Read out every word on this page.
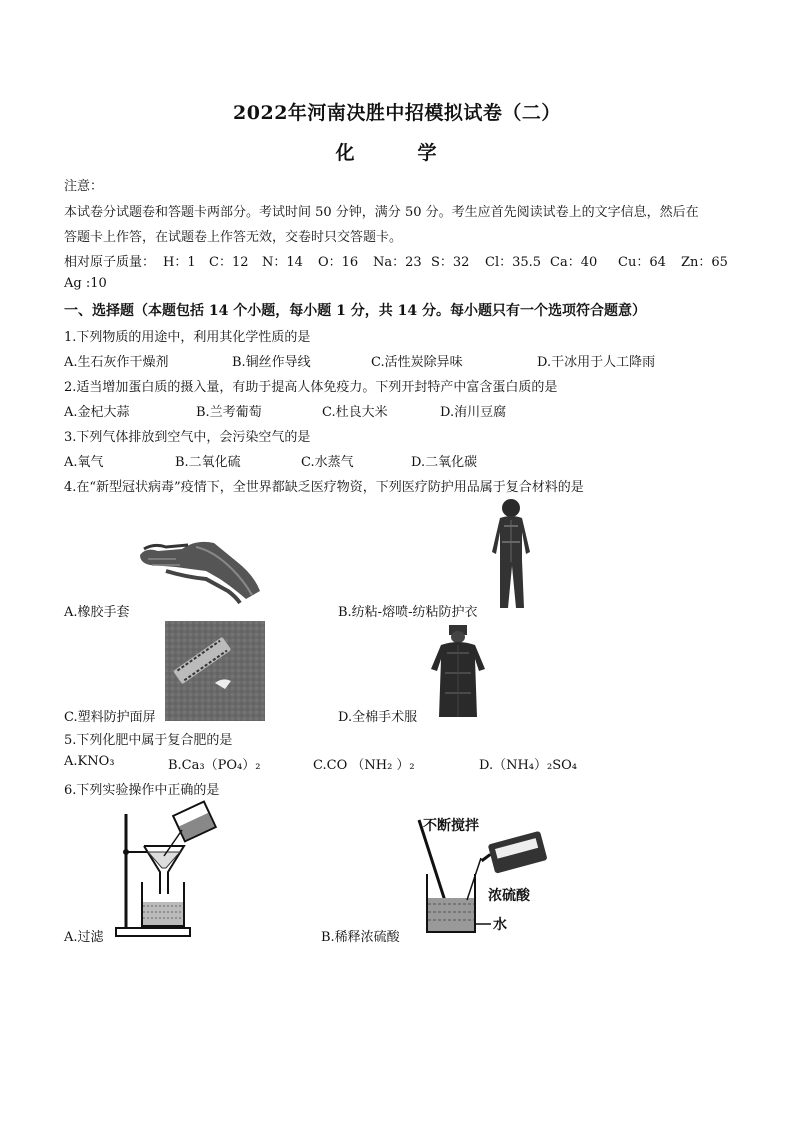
2022年河南决胜中招模拟试卷（二）
化　学
注意：
本试卷分试题卷和答题卡两部分。考试时间 50 分钟，满分 50 分。考生应首先阅读试卷上的文字信息，然后在
答题卡上作答，在试题卷上作答无效，交卷时只交答题卡。
相对原子质量： H：1 C：12 N：14 O：16 Na：23 S：32 Cl：35.5 Ca：40 Cu：64 Zn：65
Ag :10
一、选择题（本题包括 14 个小题，每小题 1 分，共 14 分。每小题只有一个选项符合题意）
1.下列物质的用途中，利用其化学性质的是
A.生石灰作干燥剂	B.铜丝作导线	C.活性炭除异味	D.干冰用于人工降雨
2.适当增加蛋白质的摄入量，有助于提高人体免疫力。下列开封特产中富含蛋白质的是
A.金杞大蒜	B.兰考葡萄	C.杜良大米	D.洧川豆腐
3.下列气体排放到空气中，会污染空气的是
A.氧气	B.二氧化硫	C.水蒸气	D.二氧化碳
4.在“新型冠状病毒”疫情下，全世界都缺乏医疗物资，下列医疗防护用品属于复合材料的是
A.橡胶手套	B.纺粘-熔喷-纺粘防护衣
C.塑料防护面屏	D.全棉手术服
5.下列化肥中属于复合肥的是
A.KNO₃	B.Ca₃（PO₄）₂	C.CO （NH₂ ）₂	D.（NH₄）₂SO₄
6.下列实验操作中正确的是
A.过滤
不断搅拌
浓硫酸
水
B.稀释浓硫酸
